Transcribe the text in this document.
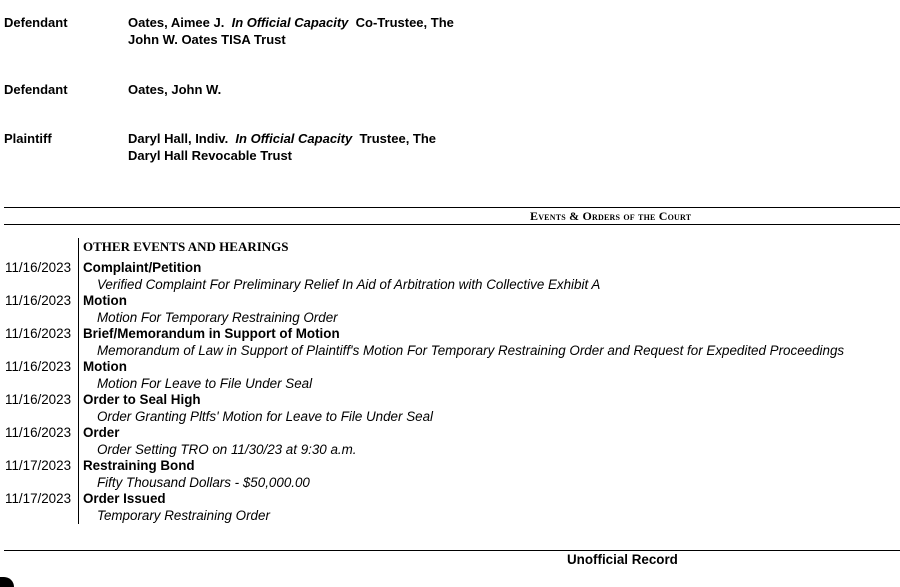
Defendant	Oates, Aimee J. In Official Capacity Co-Trustee, The
John W. Oates TISA Trust
Defendant	Oates, John W.
Plaintiff	Daryl Hall, Indiv. In Official Capacity Trustee, The
Daryl Hall Revocable Trust
Events & Orders of the Court
OTHER EVENTS AND HEARINGS
11/16/2023 Complaint/Petition
Verified Complaint For Preliminary Relief In Aid of Arbitration with Collective Exhibit A
11/16/2023 Motion
Motion For Temporary Restraining Order
11/16/2023 Brief/Memorandum in Support of Motion
Memorandum of Law in Support of Plaintiff's Motion For Temporary Restraining Order and Request for Expedited Proceedings
11/16/2023 Motion
Motion For Leave to File Under Seal
11/16/2023 Order to Seal High
Order Granting Pltfs' Motion for Leave to File Under Seal
11/16/2023 Order
Order Setting TRO on 11/30/23 at 9:30 a.m.
11/17/2023 Restraining Bond
Fifty Thousand Dollars - $50,000.00
11/17/2023 Order Issued
Temporary Restraining Order
Unofficial Record
